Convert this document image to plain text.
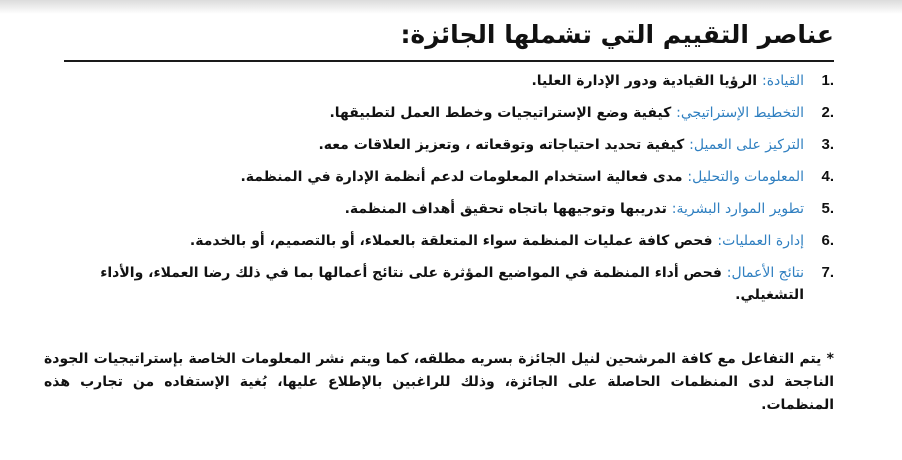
عناصر التقييم التي تشملها الجائزة:
1.
القيادة: الرؤيا القيادية ودور الإدارة العليا.
2.
التخطيط الإستراتيجي: كيفية وضع الإستراتيجيات وخطط العمل لتطبيقها.
3.
التركيز على العميل: كيفية تحديد احتياجاته وتوقعاته ، وتعزيز العلاقات معه.
4.
المعلومات والتحليل: مدى فعالية استخدام المعلومات لدعم أنظمة الإدارة في المنظمة.
5.
تطوير الموارد البشرية: تدريبها وتوجيهها باتجاه تحقيق أهداف المنظمة.
6.
إدارة العمليات: فحص كافة عمليات المنظمة سواء المتعلقة بالعملاء، أو بالتصميم، أو بالخدمة.
7.
نتائج الأعمال: فحص أداء المنظمة في المواضيع المؤثرة على نتائج أعمالها بما في ذلك رضا العملاء، والأداء التشغيلي.

* يتم التفاعل مع كافة المرشحين لنيل الجائزة بسريه مطلقه، كما ويتم نشر المعلومات الخاصة بإستراتيجيات الجودة الناجحة لدى المنظمات الحاصلة على الجائزة، وذلك للراغبين بالإطلاع عليها، بُغية الإستفاده من تجارب هذه المنظمات.
